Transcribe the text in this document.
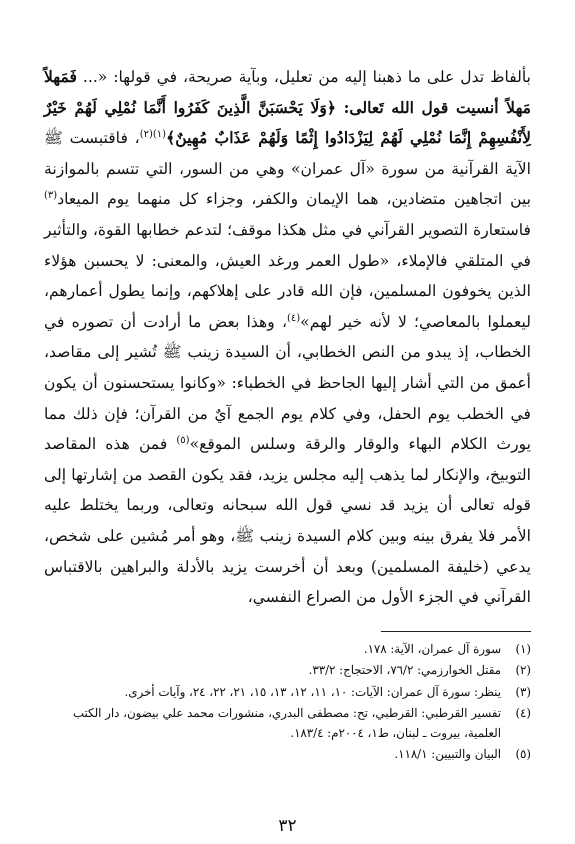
بألفاظ تدل على ما ذهبنا إليه من تعليل، وبآية صريحة، في قولها: «... فَمَهلاً مَهلاً أنسيت قول الله تَعالى: ﴿وَلَا يَحْسَبَنَّ الَّذِينَ كَفَرُوا أَنَّمَا نُمْلِي لَهُمْ خَيْرٌ لِأَنْفُسِهِمْ إِنَّمَا نُمْلِي لَهُمْ لِيَزْدَادُوا إِثْمًا وَلَهُمْ عَذَابٌ مُهِينٌ﴾$^{(١)(٢)}$، فاقتبست ﷺ الآية القرآنية من سورة «آل عمران» وهي من السور، التي تتسم بالموازنة بين اتجاهين متضادين، هما الإيمان والكفر، وجزاء كل منهما يوم الميعاد$^{(٣)}$ فاستعارة التصوير القرآني في مثل هكذا موقف؛ لتدعم خطابها القوة، والتأثير في المتلقي فالإملاء، «طول العمر ورغد العيش، والمعنى: لا يحسبن هؤلاء الذين يخوفون المسلمين، فإن الله قادر على إهلاكهم، وإنما يطول أعمارهم، ليعملوا بالمعاصي؛ لا لأنه خير لهم»$^{(٤)}$، وهذا بعض ما أرادت أن تصوره في الخطاب، إذ يبدو من النص الخطابي، أن السيدة زينب ﷺ تُشير إلى مقاصد، أعمق من التي أشار إليها الجاحظ في الخطباء: «وكانوا يستحسنون أن يكون في الخطب يوم الحفل، وفي كلام يوم الجمع آيٌ من القرآن؛ فإن ذلك مما يورث الكلام البهاء والوقار والرقة وسلس الموقع»$^{(٥)}$ فمن هذه المقاصد التوبيخ، والإنكار لما يذهب إليه مجلس يزيد، فقد يكون القصد من إشارتها إلى قوله تعالى أن يزيد قد نسي قول الله سبحانه وتعالى، وربما يختلط عليه الأمر فلا يفرق بينه وبين كلام السيدة زينب ﷺ، وهو أمر مُشين على شخص، يدعي (خليفة المسلمين) وبعد أن أخرست يزيد بالأدلة والبراهين بالاقتباس القرآني في الجزء الأول من الصراع النفسي،
(١)
سورة آل عمران، الآية: ١٧٨.
(٢)
مقتل الخوارزمي: ٧٦/٢، الاحتجاج: ٣٣/٢.
(٣)
ينظر: سورة آل عمران: الآيات: ١٠، ١١، ١٢، ١٣، ١٥، ٢١، ٢٢، ٢٤، وآيات أخرى.
(٤)
تفسير القرطبي: القرطبي، تح: مصطفى البدري، منشورات محمد علي بيضون، دار الكتب العلمية، بيروت ـ لبنان، ط١، ٢٠٠٤م: ١٨٣/٤.
(٥)
البيان والتبيين: ١١٨/١.
٣٢
